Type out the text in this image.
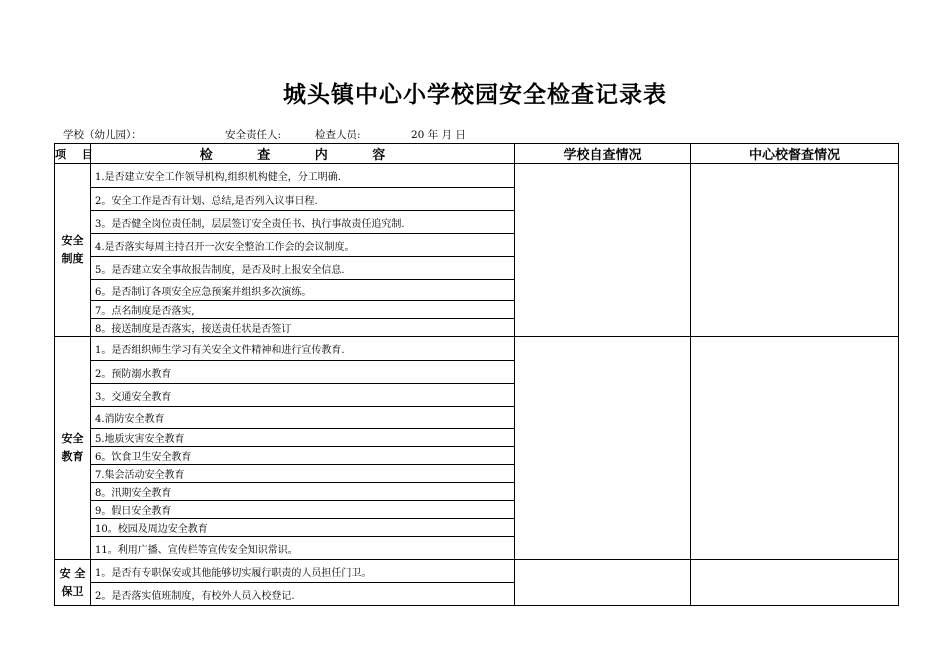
城头镇中心小学校园安全检查记录表
学校（幼儿园）：	安全责任人:	检查人员:	20 年 月 日
项 目	检 查 内 容	学校自查情况	中心校督查情况

安全
制度	1.是否建立安全工作领导机构,组织机构健全，分工明确.		
	2。安全工作是否有计划、总结,是否列入议事日程.		
	3。是否健全岗位责任制，层层签订安全责任书、执行事故责任追究制.		
	4.是否落实每周主持召开一次安全整治工作会的会议制度。		
	5。是否建立安全事故报告制度，是否及时上报安全信息.		
	6。是否制订各项安全应急预案并组织多次演练。		
	7。点名制度是否落实,		
	8。接送制度是否落实，接送责任状是否签订		

安全
教育	1。是否组织师生学习有关安全文件精神和进行宣传教育.		
	2。预防溺水教育		
	3。交通安全教育		
	4.消防安全教育		
	5.地质灾害安全教育		
	6。饮食卫生安全教育		
	7.集会活动安全教育		
	8。汛期安全教育		
	9。假日安全教育		
	10。校园及周边安全教育		
	11。利用广播、宣传栏等宣传安全知识常识。		

安 全
保卫	1。是否有专职保安或其他能够切实履行职责的人员担任门卫。		
	2。是否落实值班制度，有校外人员入校登记.		
